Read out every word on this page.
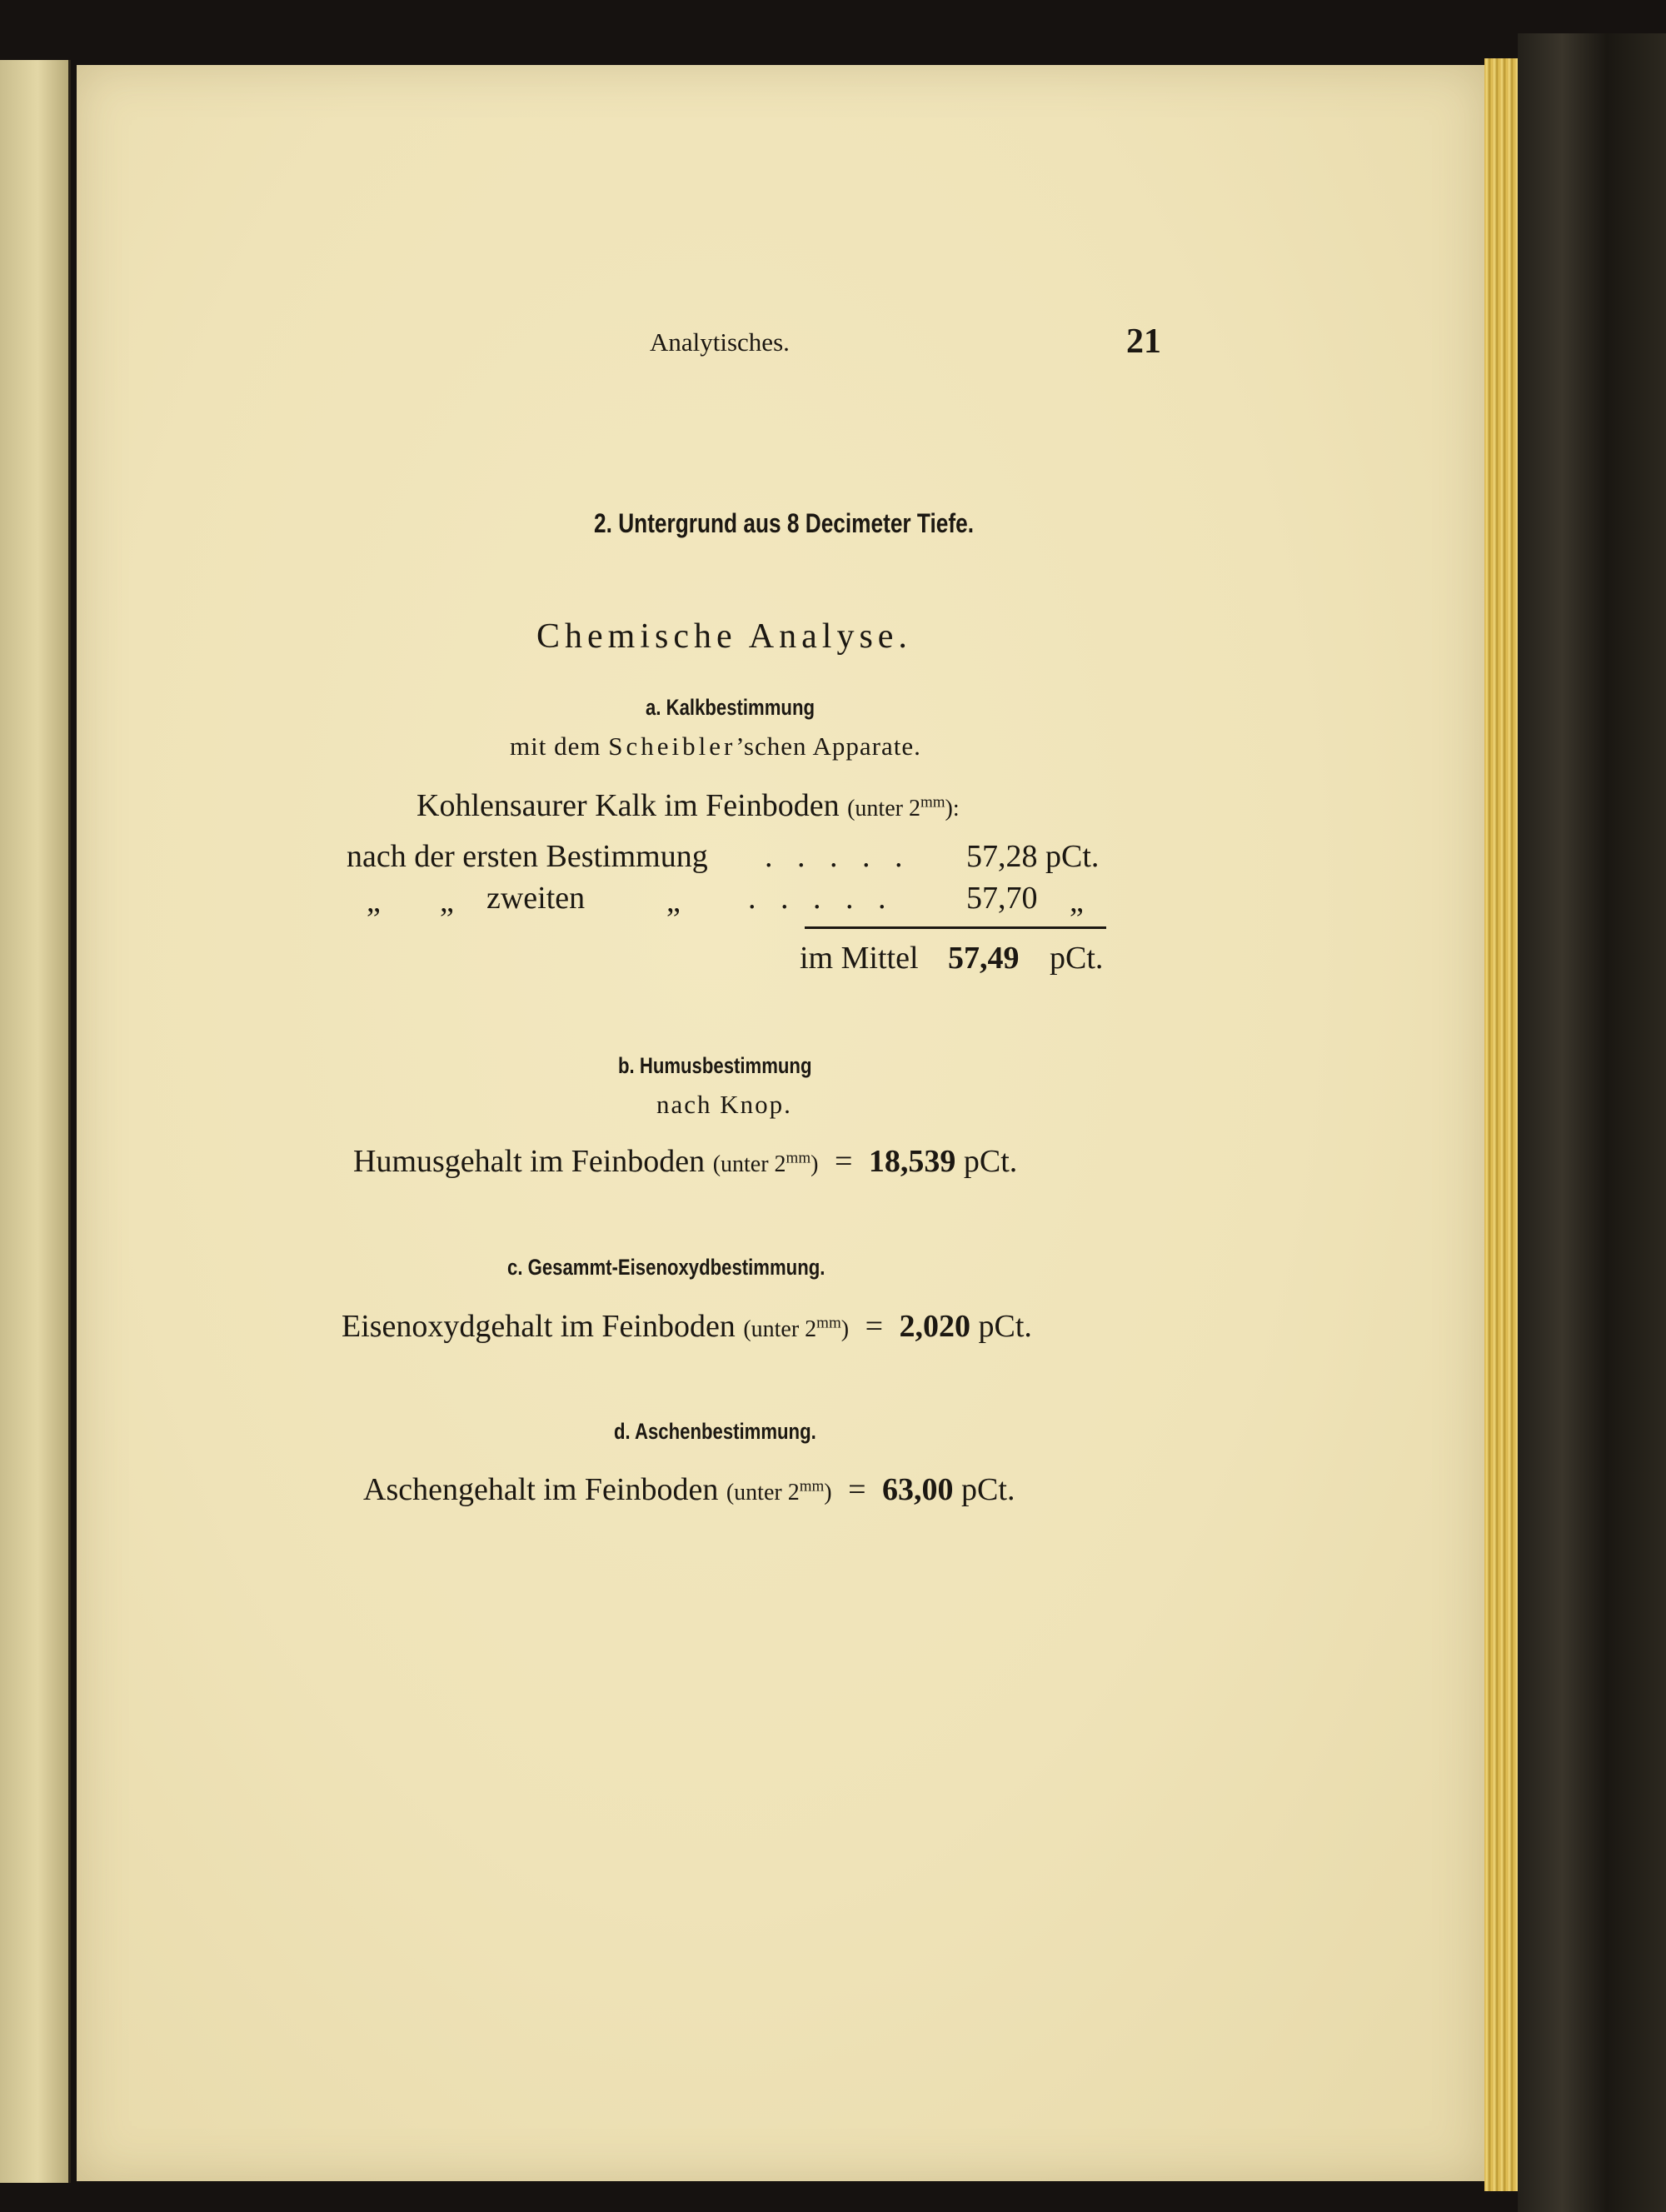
Analytisches.	21
2. Untergrund aus 8 Decimeter Tiefe.
Chemische Analyse.
a. Kalkbestimmung
mit dem Scheibler’schen Apparate.
Kohlensaurer Kalk im Feinboden (unter $2^{mm}$):
nach der ersten Bestimmung . . . . . 57,28 pCt.
„ „ zweiten	„ . . . . . 57,70 „
im Mittel 57,49 pCt.
b. Humusbestimmung
nach Knop.
Humusgehalt im Feinboden (unter $2^{mm}) = 18,539$ pCt.
c. Gesammt-Eisenoxydbestimmung.
Eisenoxydgehalt im Feinboden (unter $2^{mm}) = 2,020$ pCt.
d. Aschenbestimmung.
Aschengehalt im Feinboden (unter $2^{mm}) = 63,00$ pCt.
